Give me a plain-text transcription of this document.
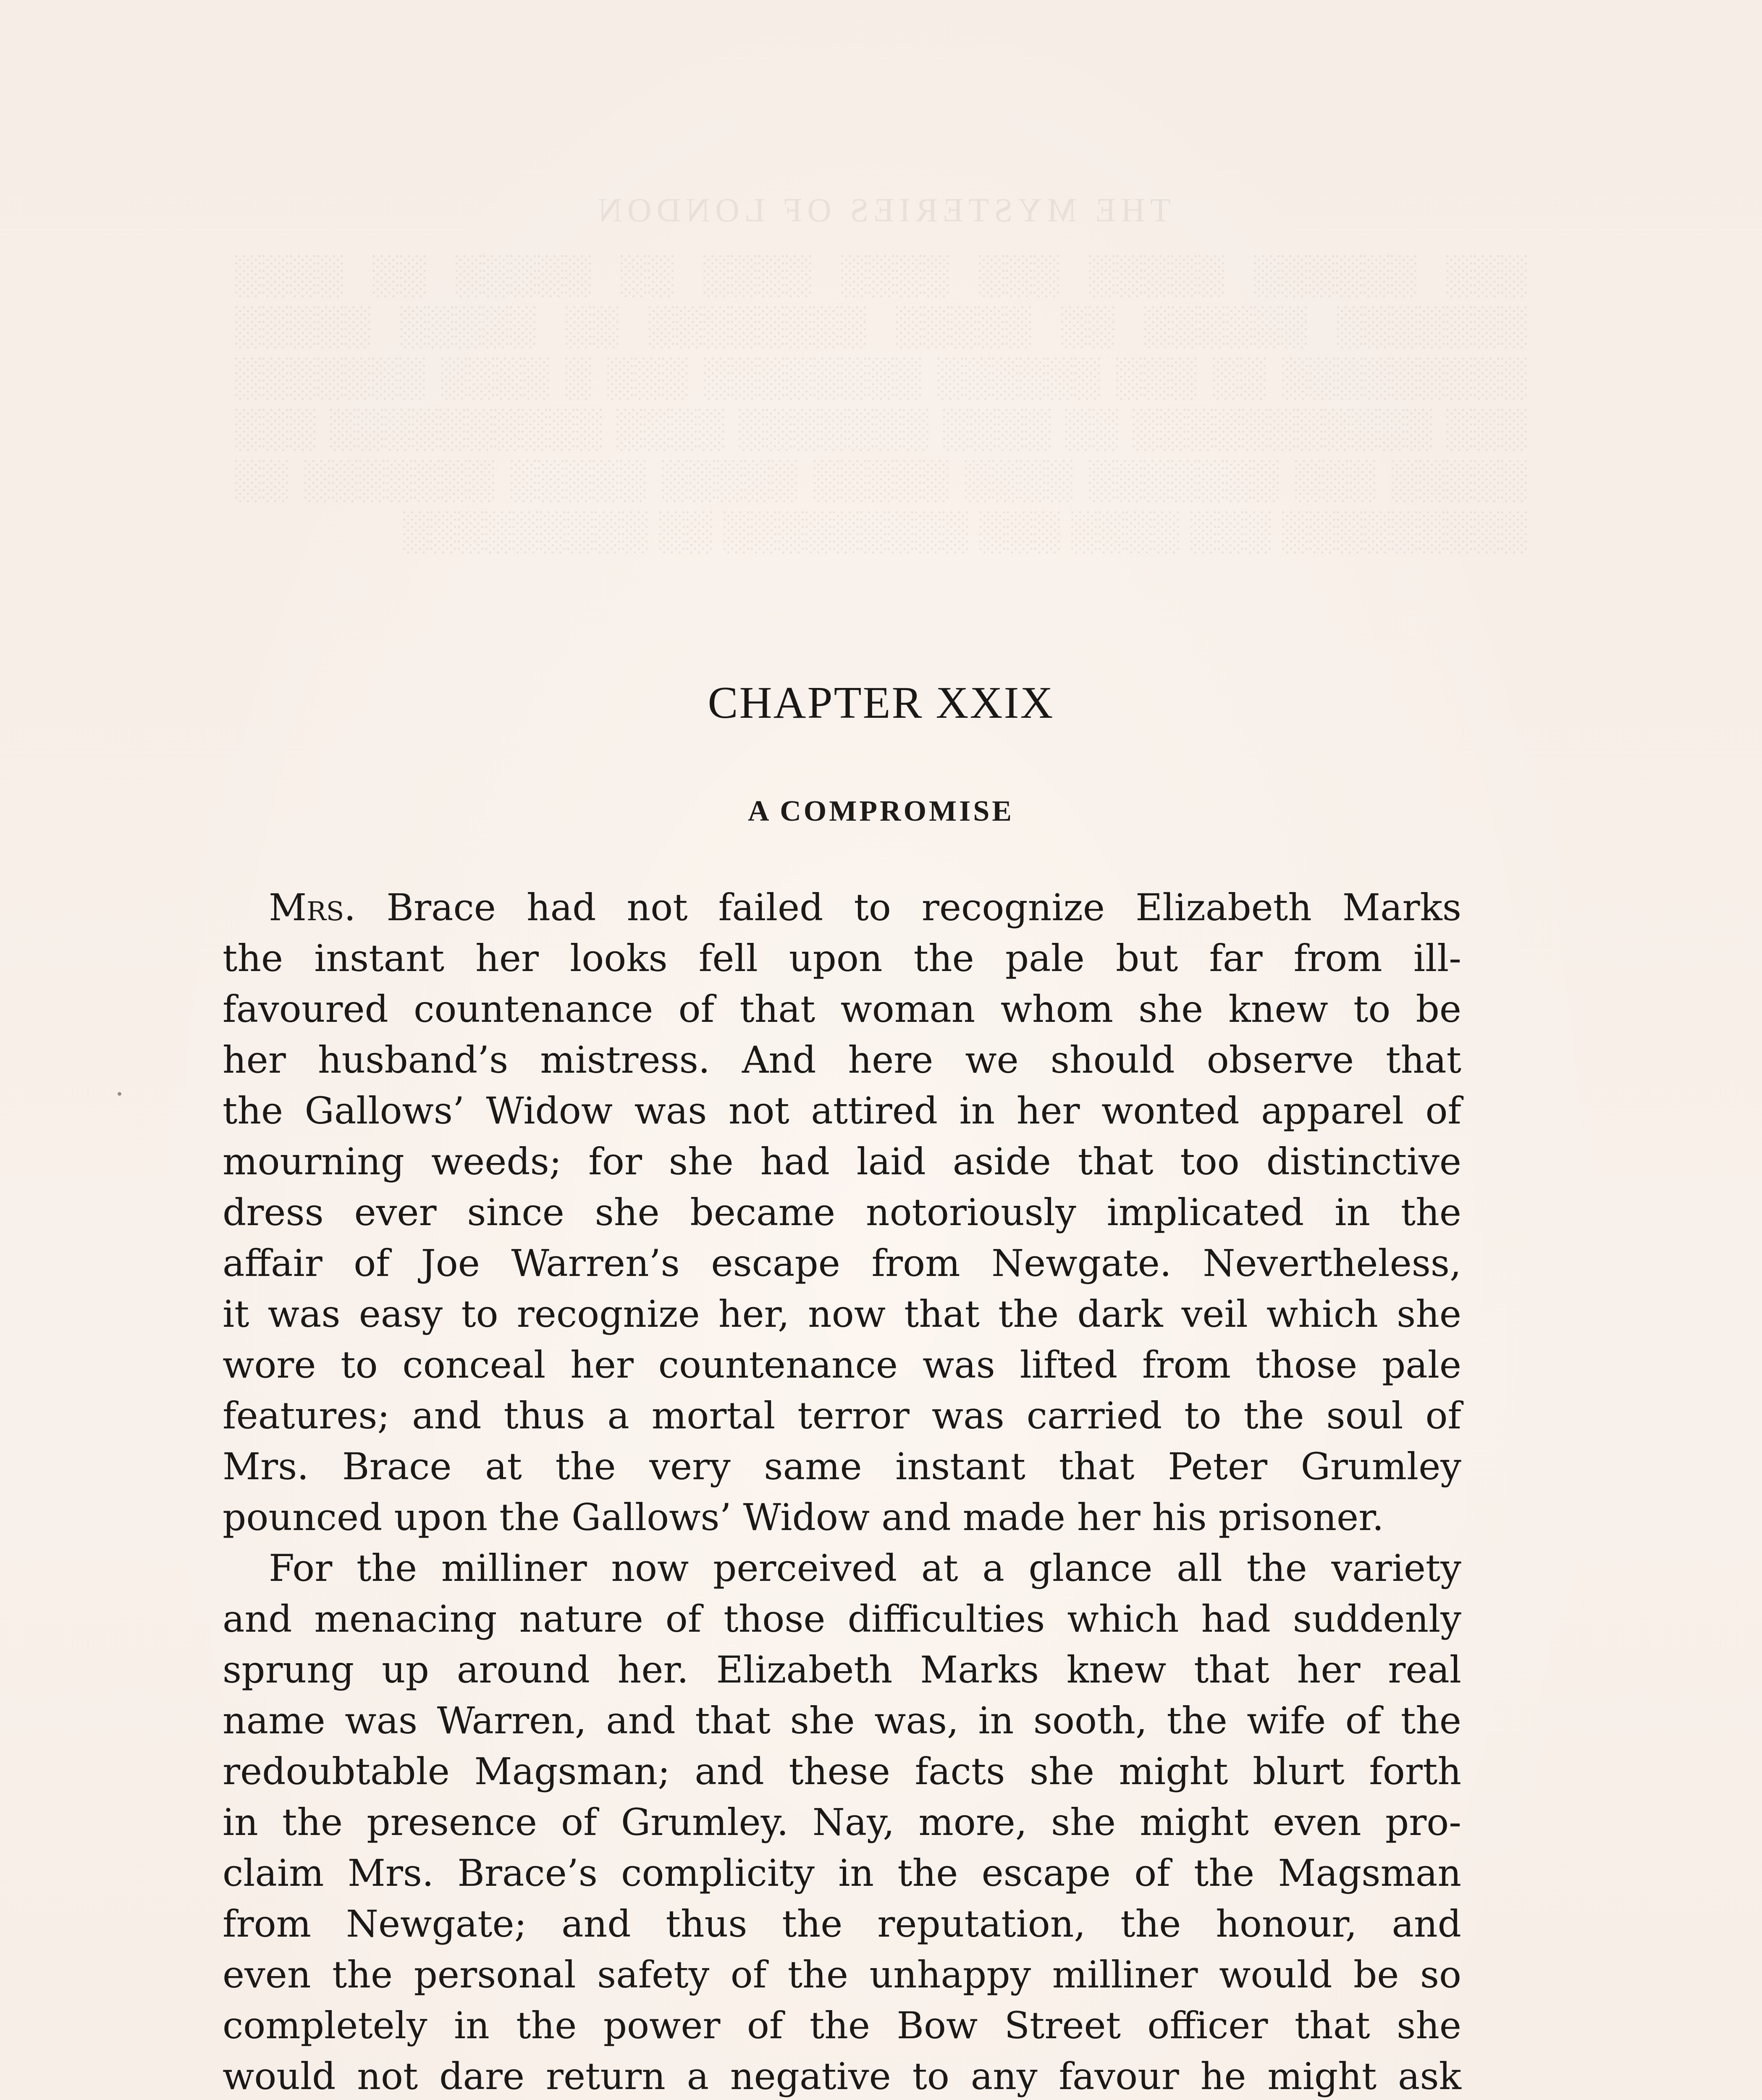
THE MYSTERIES OF LONDON
░░░ ░░░░░░ ░░░░░ ░░░ ░░░░ ░░░░ ░░ ░░░░░ ░░ ░░░░ ░░░░░░░ ░░░░░░ ░░ ░░░░░ ░░░░░░░░ ░░ ░░░░░ ░░░░░ ░░░░░░░░░ ░░ ░░░ ░░░░░░ ░░░░░░░░ ░░░ ░ ░░░░ ░░░░░░░ ░░░ ░░░░░░░░░░░ ░░ ░░░░ ░░░░░░░ ░░░░ ░░░░░░░░░░ ░░░ ░░░░░ ░░░ ░░░░░░░ ░░░░ ░░░░░ ░░░░░ ░░░░░ ░░░░░░░ ░░ ░░░░░░░░░ ░░░ ░░░░ ░░░ ░░░░░░░░░ ░░ ░░░░░░░░░
CHAPTER XXIX
A COMPROMISE
Mrs. Brace had not failed to recognize Elizabeth Marks
the instant her looks fell upon the pale but far from ill-
favoured countenance of that woman whom she knew to be
her husband’s mistress. And here we should observe that
the Gallows’ Widow was not attired in her wonted apparel of
mourning weeds; for she had laid aside that too distinctive
dress ever since she became notoriously implicated in the
affair of Joe Warren’s escape from Newgate. Nevertheless,
it was easy to recognize her, now that the dark veil which she
wore to conceal her countenance was lifted from those pale
features; and thus a mortal terror was carried to the soul of
Mrs. Brace at the very same instant that Peter Grumley
pounced upon the Gallows’ Widow and made her his prisoner.
For the milliner now perceived at a glance all the variety
and menacing nature of those difficulties which had suddenly
sprung up around her. Elizabeth Marks knew that her real
name was Warren, and that she was, in sooth, the wife of the
redoubtable Magsman; and these facts she might blurt forth
in the presence of Grumley. Nay, more, she might even pro-
claim Mrs. Brace’s complicity in the escape of the Magsman
from Newgate; and thus the reputation, the honour, and
even the personal safety of the unhappy milliner would be so
completely in the power of the Bow Street officer that she
would not dare return a negative to any favour he might ask
